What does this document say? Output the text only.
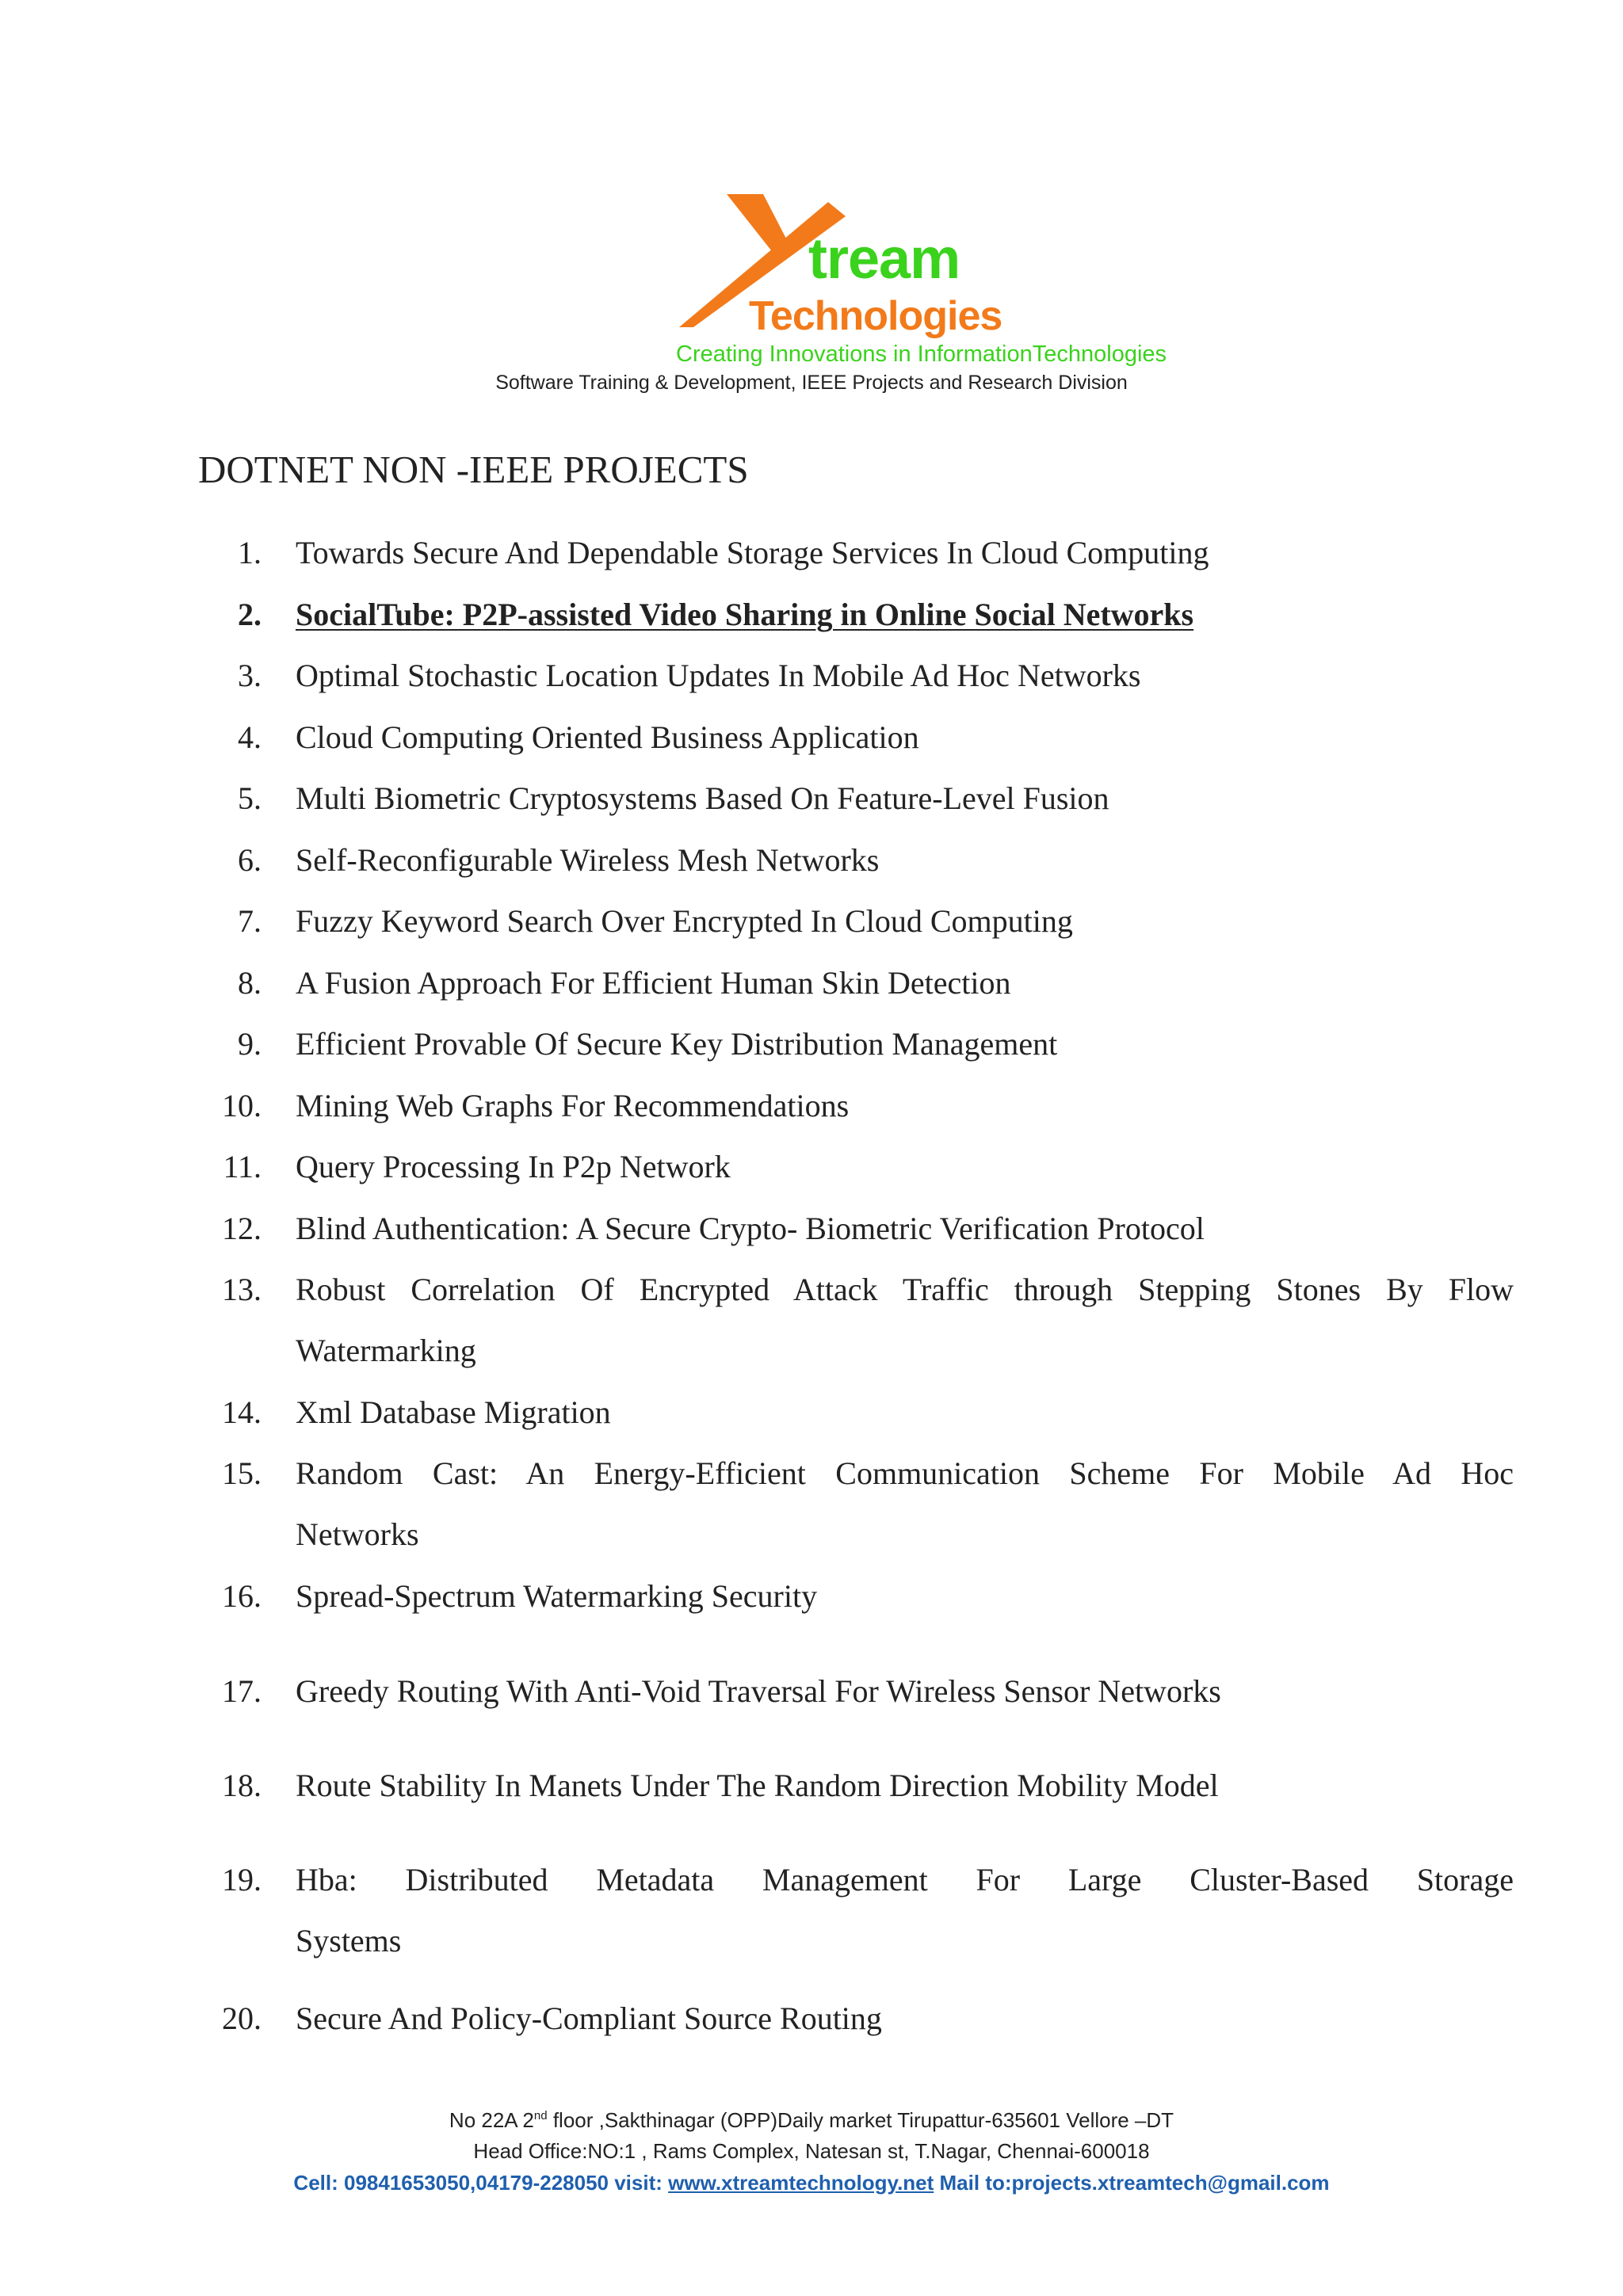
tream
Technologies
Creating Innovations in InformationTechnologies
Software Training & Development, IEEE Projects and Research Division
DOTNET NON -IEEE PROJECTS
1. Towards Secure And Dependable Storage Services In Cloud Computing
2. SocialTube: P2P-assisted Video Sharing in Online Social Networks
3. Optimal Stochastic Location Updates In Mobile Ad Hoc Networks
4. Cloud Computing Oriented Business Application
5. Multi Biometric Cryptosystems Based On Feature-Level Fusion
6. Self-Reconfigurable Wireless Mesh Networks
7. Fuzzy Keyword Search Over Encrypted In Cloud Computing
8. A Fusion Approach For Efficient Human Skin Detection
9. Efficient Provable Of Secure Key Distribution Management
10. Mining Web Graphs For Recommendations
11. Query Processing In P2p Network
12. Blind Authentication: A Secure Crypto- Biometric Verification Protocol
13. Robust Correlation Of Encrypted Attack Traffic through Stepping Stones By Flow
Watermarking
14. Xml Database Migration
15. Random Cast: An Energy-Efficient Communication Scheme For Mobile Ad Hoc
Networks
16. Spread-Spectrum Watermarking Security
17. Greedy Routing With Anti-Void Traversal For Wireless Sensor Networks
18. Route Stability In Manets Under The Random Direction Mobility Model
19. Hba: Distributed Metadata Management For Large Cluster-Based Storage
Systems
20. Secure And Policy-Compliant Source Routing
No 22A 2nd floor ,Sakthinagar (OPP)Daily market Tirupattur-635601 Vellore –DT
Head Office:NO:1 , Rams Complex, Natesan st, T.Nagar, Chennai-600018
Cell: 09841653050,04179-228050 visit: www.xtreamtechnology.net Mail to:projects.xtreamtech@gmail.com
